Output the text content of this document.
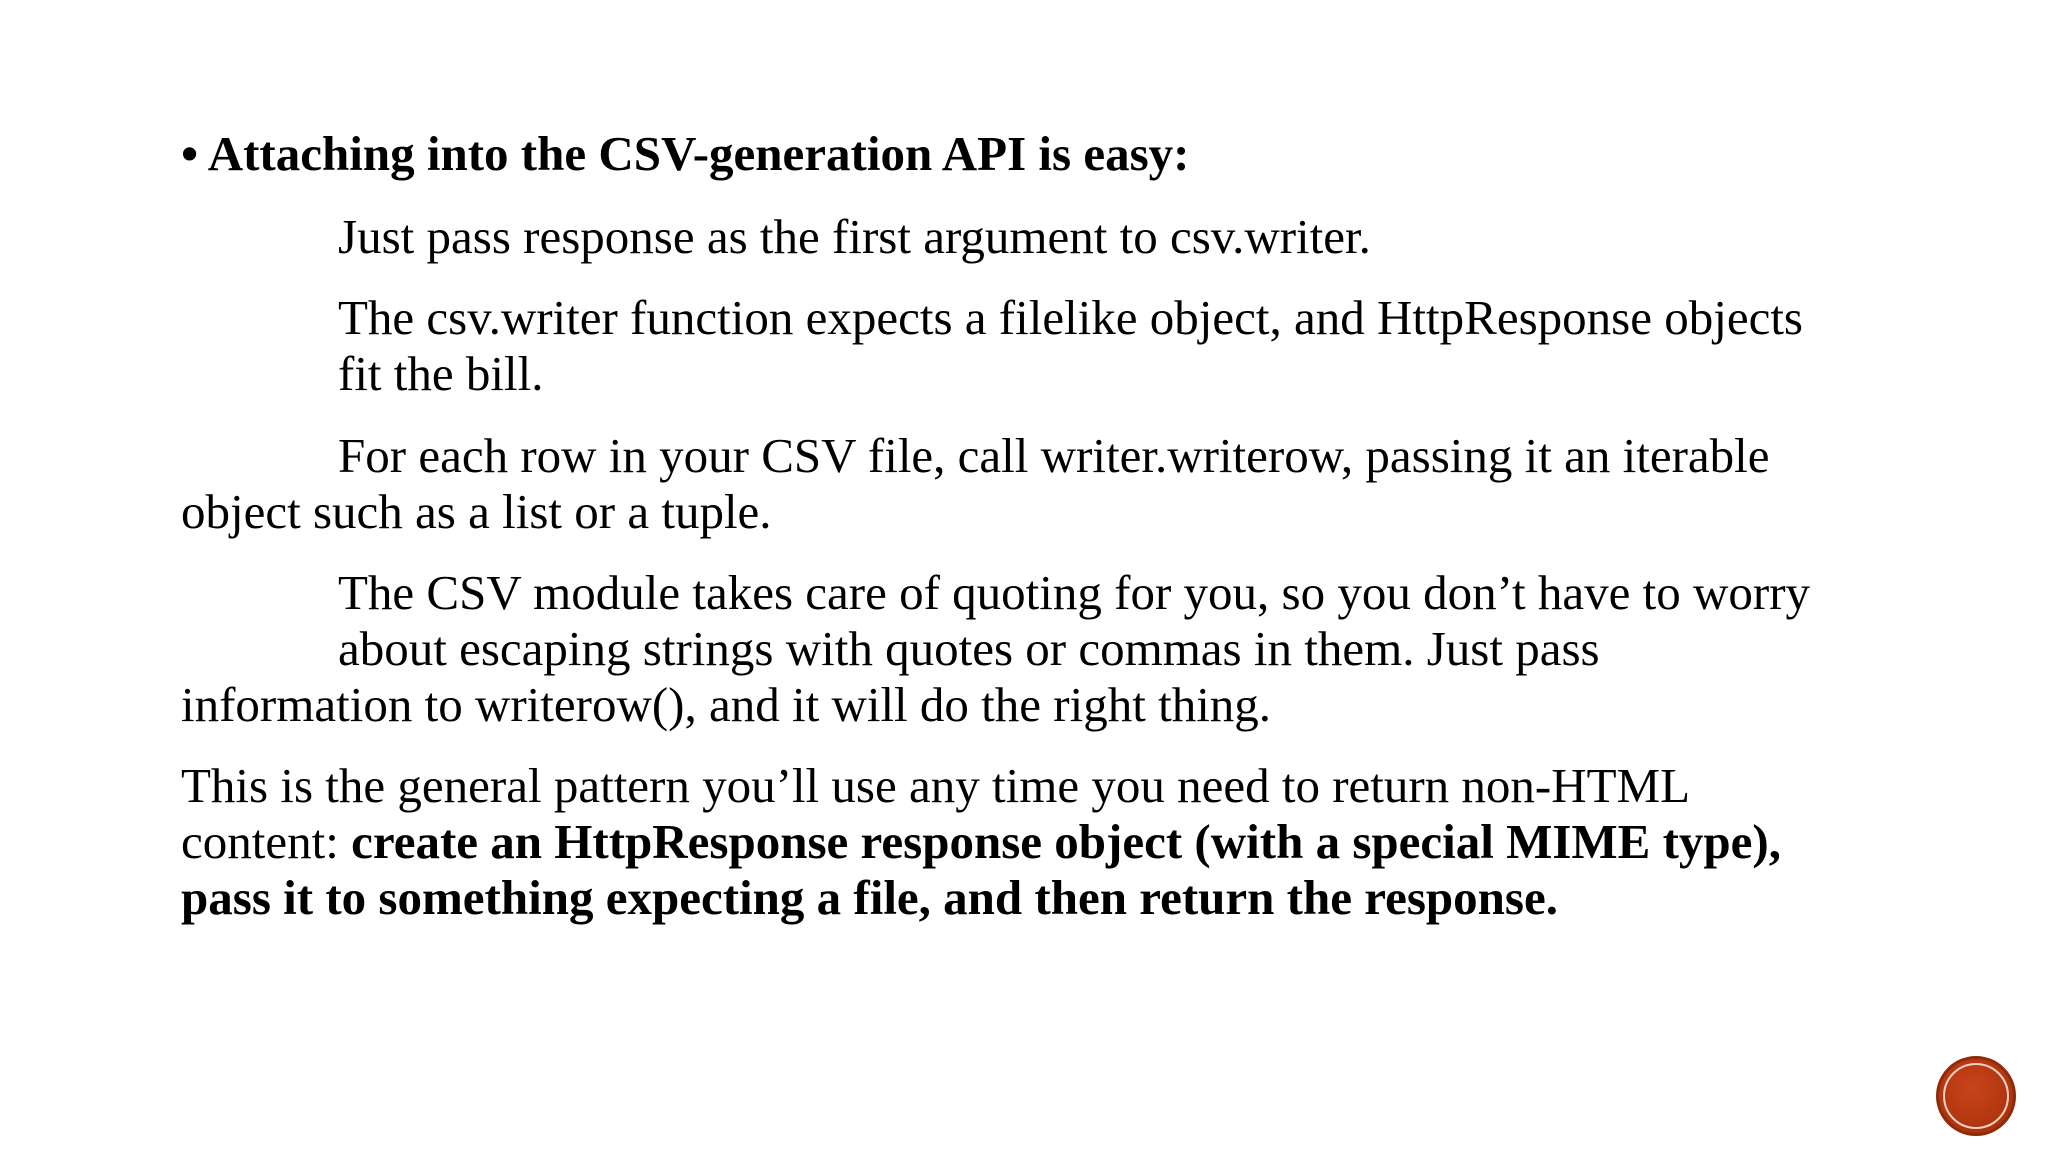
• Attaching into the CSV-generation API is easy:
Just pass response as the first argument to csv.writer.
The csv.writer function expects a filelike object, and HttpResponse objects
fit the bill.
For each row in your CSV file, call writer.writerow, passing it an iterable
object such as a list or a tuple.
The CSV module takes care of quoting for you, so you don’t have to worry
about escaping strings with quotes or commas in them. Just pass
information to writerow(), and it will do the right thing.
This is the general pattern you’ll use any time you need to return non-HTML
content: create an HttpResponse response object (with a special MIME type),
pass it to something expecting a file, and then return the response.
